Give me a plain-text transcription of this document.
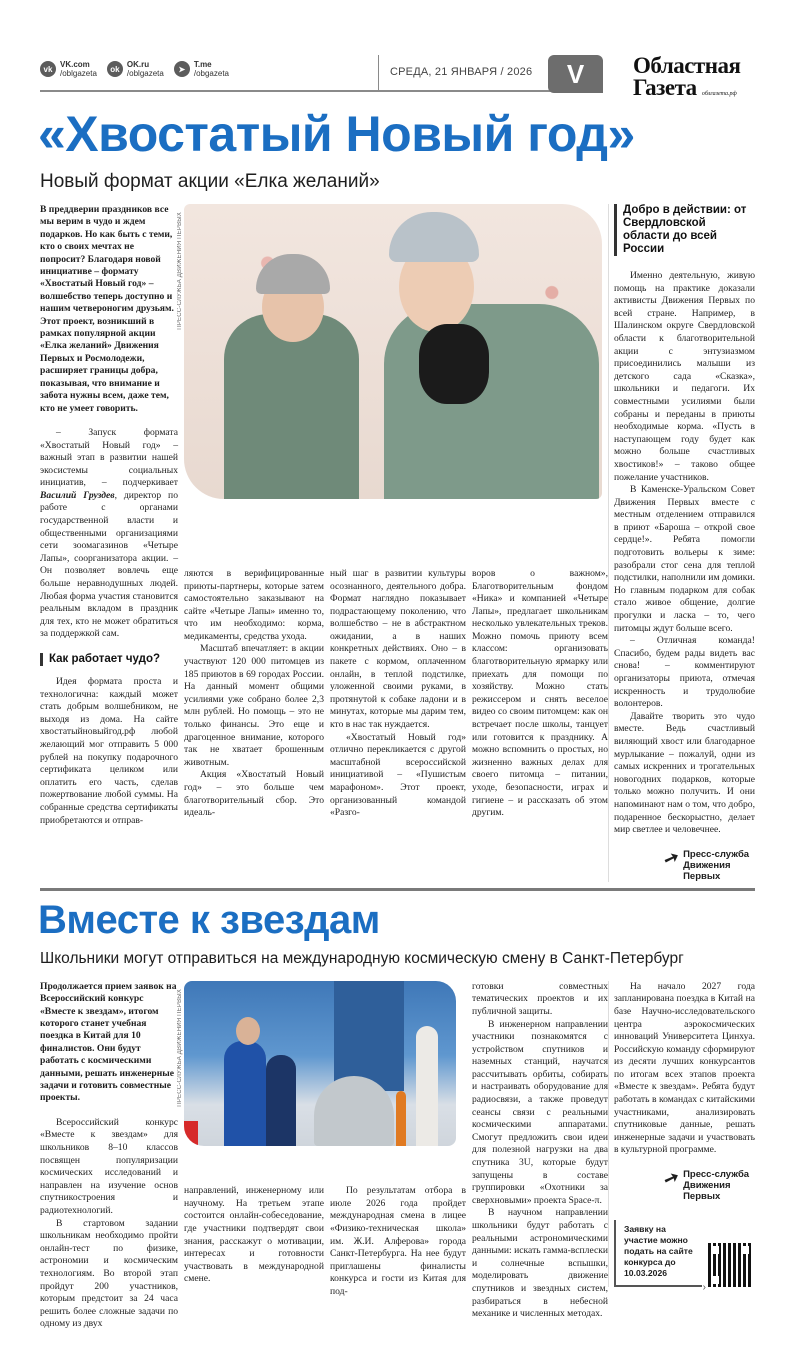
vk VK.com
/oblgazeta	ok OK.ru
/oblgazeta	➤	T.me
/obgazeta	СРЕДА, 21 ЯНВАРЯ / 2026	V	Областная
Газета облгазета.рф
«Хвостатый Новый год»
Новый формат акции «Елка желаний»

В преддверии праздников все мы верим в чудо и ждем подарков. Но как быть с теми, кто о своих мечтах не попросит? Благодаря новой инициативе – формату «Хвостатый Новый год» – волшебство теперь доступно и нашим четвероногим друзьям. Этот проект, возникший в рамках популярной акции «Елка желаний» Движения Первых и Росмолодежи, расширяет границы добра, показывая, что внимание и забота нужны всем, даже тем, кто не умеет говорить.

– Запуск формата «Хвостатый Новый год» – важный этап в развитии нашей экосистемы социальных инициатив, – подчеркивает Василий Груздев, директор по работе с органами государственной власти и общественными организациями сети зоомагазинов «Четыре Лапы», соорганизатора акции. – Он позволяет вовлечь еще больше неравнодушных людей. Любая форма участия становится реальным вкладом в праздник для тех, кто не может обратиться за поддержкой сам.

Как работает чудо?

Идея формата проста и технологична: каждый может стать добрым волшебником, не выходя из дома. На сайте хвостатыйновыйгод.рф любой желающий мог отправить 5 000 рублей на покупку подарочного сертификата целиком или оплатить его часть, сделав пожертвование любой суммы. На собранные средства сертификаты приобретаются и отправ-

ПРЕСС-СЛУЖБА ДВИЖЕНИЯ ПЕРВЫХ

ляются в верифицированные приюты-партнеры, которые затем самостоятельно заказывают на сайте «Четыре Лапы» именно то, что им необходимо: корма, медикаменты, средства ухода.

Масштаб впечатляет: в акции участвуют 120 000 питомцев из 185 приютов в 69 городах России. На данный момент общими усилиями уже собрано более 2,3 млн рублей. Но помощь – это не только финансы. Это еще и драгоценное внимание, которого так не хватает брошенным животным.

Акция «Хвостатый Новый год» – это больше чем благотворительный сбор. Это идеаль-

ный шаг в развитии культуры осознанного, деятельного добра. Формат наглядно показывает подрастающему поколению, что волшебство – не в абстрактном ожидании, а в наших конкретных действиях. Оно – в пакете с кормом, оплаченном онлайн, в теплой подстилке, уложенной своими руками, в протянутой к собаке ладони и в минутах, которые мы дарим тем, кто в нас так нуждается.

«Хвостатый Новый год» отлично перекликается с другой масштабной всероссийской инициативой – «Пушистым марафоном». Этот проект, организованный командой «Разго-

воров о важном», Благотворительным фондом «Ника» и компанией «Четыре Лапы», предлагает школьникам несколько увлекательных треков. Можно помочь приюту всем классом: организовать благотворительную ярмарку или приехать для помощи по хозяйству. Можно стать режиссером и снять веселое видео со своим питомцем: как он встречает после школы, танцует или готовится к празднику. А можно вспомнить о простых, но жизненно важных делах для своего питомца – питании, уходе, безопасности, играх и гигиене – и рассказать об этом другим.

Добро в действии: от Свердловской области до всей России

Именно деятельную, живую помощь на практике доказали активисты Движения Первых по всей стране. Например, в Шалинском округе Свердловской области к благотворительной акции с энтузиазмом присоединились малыши из детского сада «Сказка», школьники и педагоги. Их совместными усилиями были собраны и переданы в приюты необходимые корма. «Пусть в наступающем году будет как можно больше счастливых хвостиков!» – таково общее пожелание участников.

В Каменске-Уральском Совет Движения Первых вместе с местным отделением отправился в приют «Бароша – открой свое сердце!». Ребята помогли подготовить вольеры к зиме: разобрали стог сена для теплой подстилки, наполнили им домики. Но главным подарком для собак стало живое общение, долгие прогулки и ласка – то, чего питомцы ждут больше всего.

– Отличная команда! Спасибо, будем рады видеть вас снова! – комментируют организаторы приюта, отмечая искренность и трудолюбие волонтеров.

Давайте творить это чудо вместе. Ведь счастливый виляющий хвост или благодарное мурлыкание – пожалуй, одни из самых искренних и трогательных новогодних подарков, которые только можно получить. И они напоминают нам о том, что добро, подаренное бескорыстно, делает мир светлее и человечнее.

➚ Пресс-служба
Движения Первых
Вместе к звездам
Школьники могут отправиться на международную космическую смену в Санкт-Петербург

Продолжается прием заявок на Всероссийский конкурс «Вместе к звездам», итогом которого станет учебная поездка в Китай для 10 финалистов. Они будут работать с космическими данными, решать инженерные задачи и готовить совместные проекты.

Всероссийский конкурс «Вместе к звездам» для школьников 8–10 классов посвящен популяризации космических исследований и направлен на изучение основ спутникостроения и радиотехнологий.

В стартовом задании школьникам необходимо пройти онлайн-тест по физике, астрономии и космическим технологиям. Во второй этап пройдут 200 участников, которым предстоит за 24 часа решить более сложные задачи по одному из двух

ПРЕСС-СЛУЖБА ДВИЖЕНИЯ ПЕРВЫХ

направлений, инженерному или научному. На третьем этапе состоится онлайн-собеседование, где участники подтвердят свои знания, расскажут о мотивации, интересах и готовности участвовать в международной смене.

По результатам отбора в июле 2026 года пройдет международная смена в лицее «Физико-техническая школа» им. Ж.И. Алферова» города Санкт-Петербурга. На нее будут приглашены финалисты конкурса и гости из Китая для под-

готовки совместных тематических проектов и их публичной защиты.

В инженерном направлении участники познакомятся с устройством спутников и наземных станций, научатся рассчитывать орбиты, собирать и настраивать оборудование для радиосвязи, а также проведут сеансы связи с реальными космическими аппаратами. Смогут предложить свои идеи для полезной нагрузки на два спутника 3U, которые будут запущены в составе группировки «Охотники за сверхновыми» проекта Space-π.

В научном направлении школьники будут работать с реальными астрономическими данными: искать гамма-всплески и солнечные вспышки, моделировать движение спутников и звездных систем, разбираться в небесной механике и численных методах.

На начало 2027 года запланирована поездка в Китай на базе Научно-исследовательского центра аэрокосмических инноваций Университета Цинхуа. Российскую команду сформируют из десяти лучших конкурсантов по итогам всех этапов проекта «Вместе к звездам». Ребята будут работать в командах с китайскими участниками, анализировать спутниковые данные, решать инженерные задачи и участвовать в культурной программе.

➚ Пресс-служба
Движения Первых
Заявку на участие можно подать на сайте конкурса до 10.03.2026
›
